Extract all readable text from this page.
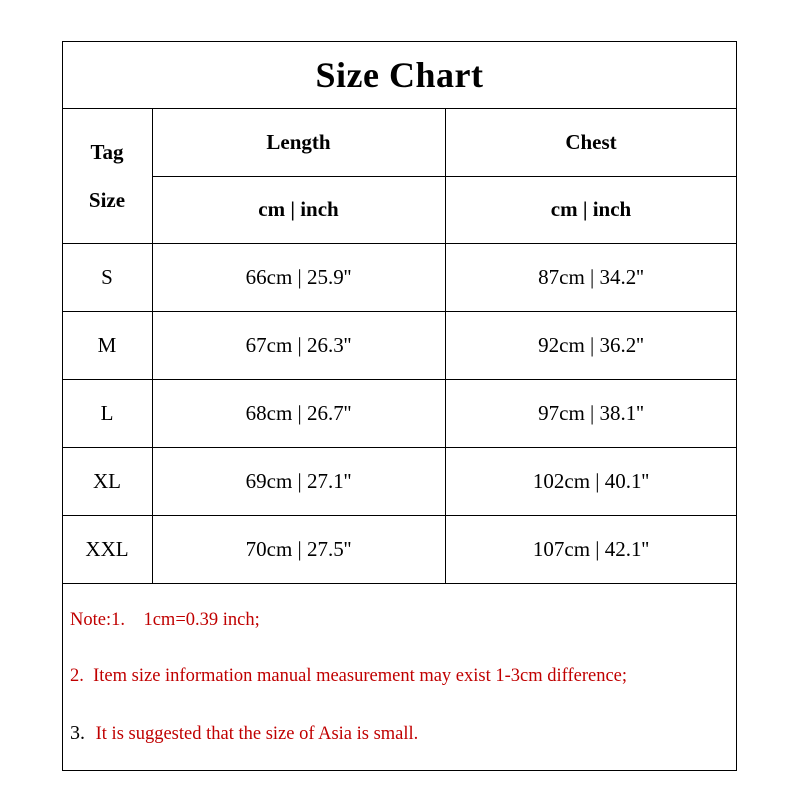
Size Chart
Tag
Size
Length	Chest
cm | inch	cm | inch
S	66cm | 25.9''	87cm | 34.2''
M	67cm | 26.3''	92cm | 36.2''
L	68cm | 26.7''	97cm | 38.1''
XL	69cm | 27.1''	102cm | 40.1''
XXL	70cm | 27.5''	107cm | 42.1''
Note:1.    1cm=0.39 inch;
2.  Item size information manual measurement may exist 1-3cm difference;
3. It is suggested that the size of Asia is small.
